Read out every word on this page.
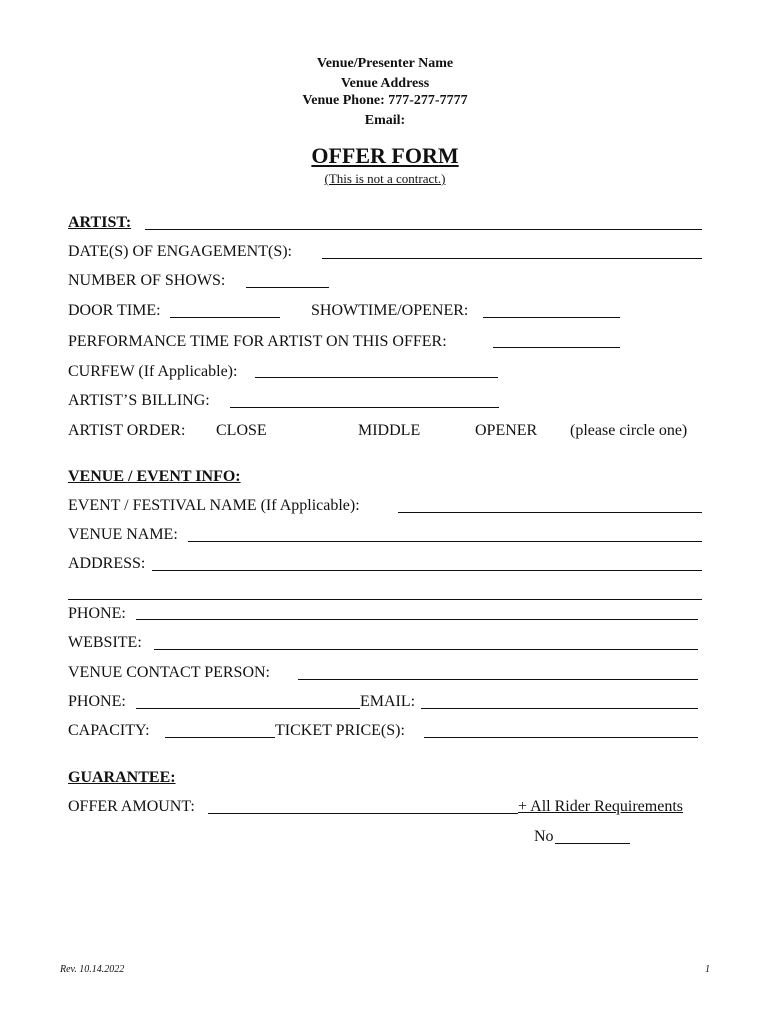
Venue/Presenter Name
Venue Address
Venue Phone: 777-277-7777
Email:
OFFER FORM
(This is not a contract.)
ARTIST:
DATE(S) OF ENGAGEMENT(S):
NUMBER OF SHOWS:
DOOR TIME:	SHOWTIME/OPENER:
PERFORMANCE TIME FOR ARTIST ON THIS OFFER:
CURFEW (If Applicable):
ARTIST’S BILLING:
ARTIST ORDER: CLOSE	MIDDLE	OPENER (please circle one)
VENUE / EVENT INFO:
EVENT / FESTIVAL NAME (If Applicable):
VENUE NAME:
ADDRESS:
PHONE:
WEBSITE:
VENUE CONTACT PERSON:
PHONE:	EMAIL:
CAPACITY:	TICKET PRICE(S):
GUARANTEE:
OFFER AMOUNT:	+ All Rider Requirements
No
Rev. 10.14.2022	1
